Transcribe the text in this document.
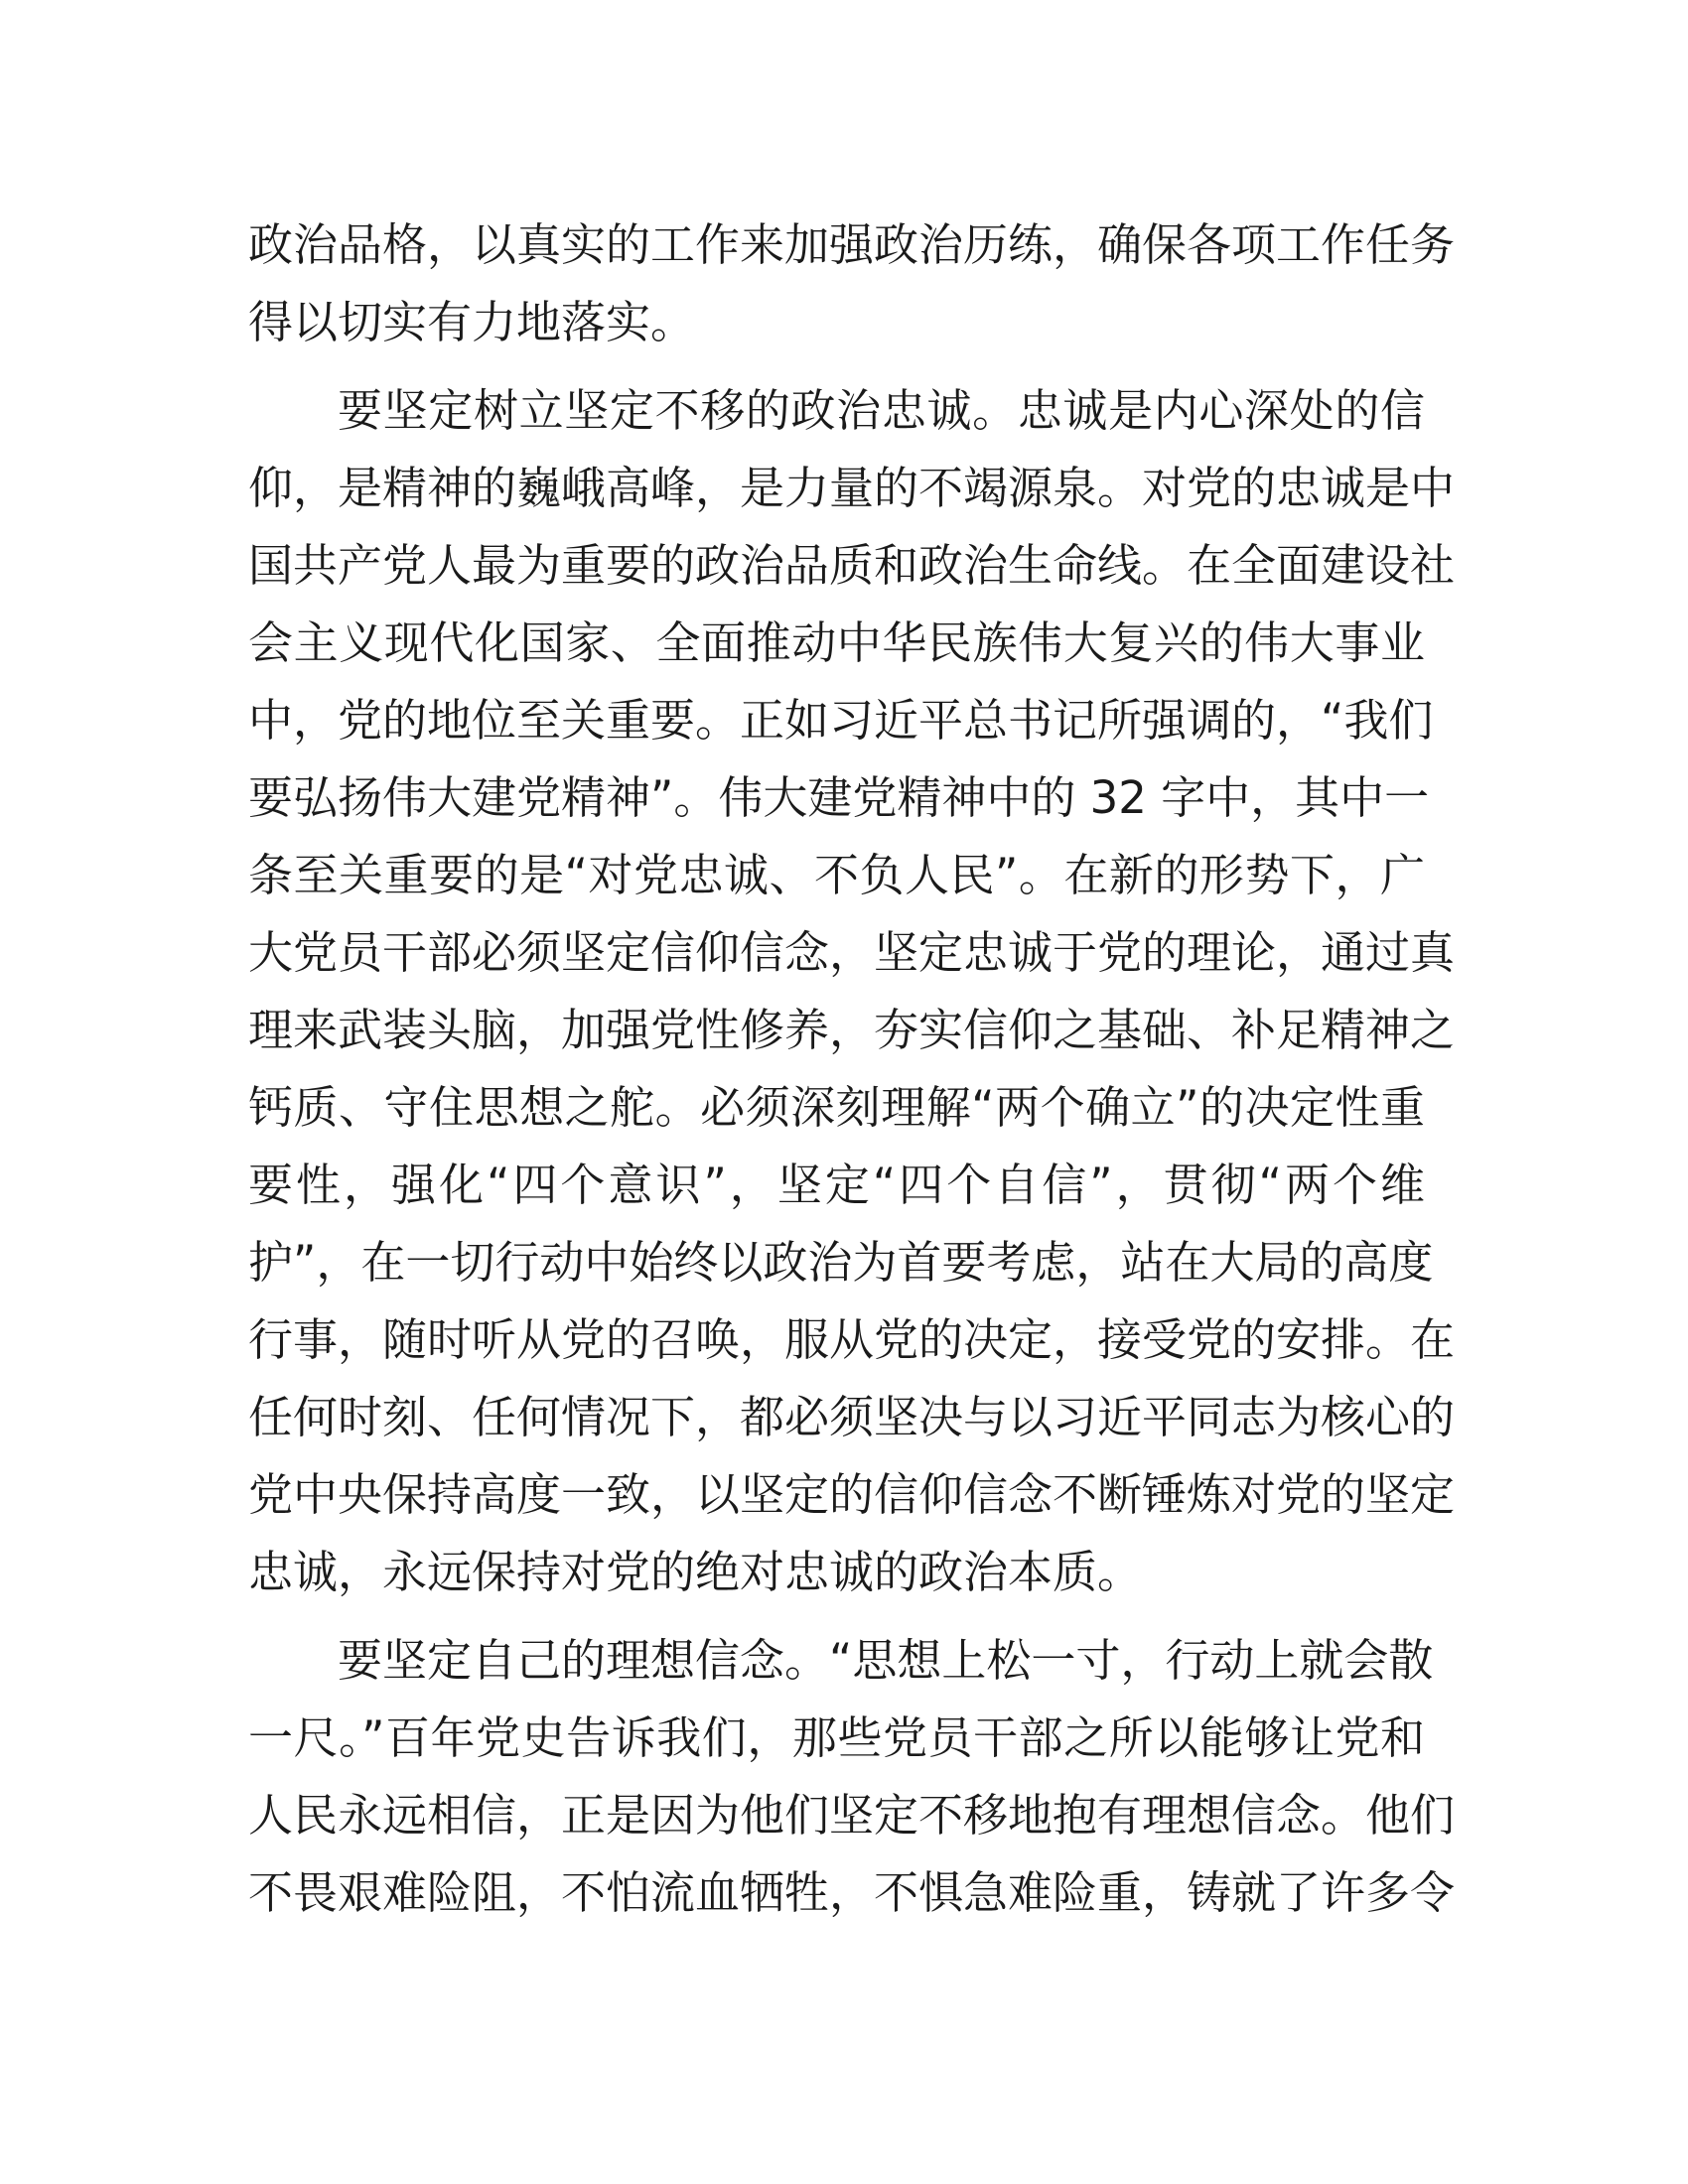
政治品格，以真实的工作来加强政治历练，确保各项工作任务
得以切实有力地落实。
要坚定树立坚定不移的政治忠诚。忠诚是内心深处的信
仰，是精神的巍峨高峰，是力量的不竭源泉。对党的忠诚是中
国共产党人最为重要的政治品质和政治生命线。在全面建设社
会主义现代化国家、全面推动中华民族伟大复兴的伟大事业
中，党的地位至关重要。正如习近平总书记所强调的，“我们
要弘扬伟大建党精神”。伟大建党精神中的 32 字中，其中一
条至关重要的是“对党忠诚、不负人民”。在新的形势下，广
大党员干部必须坚定信仰信念，坚定忠诚于党的理论，通过真
理来武装头脑，加强党性修养，夯实信仰之基础、补足精神之
钙质、守住思想之舵。必须深刻理解“两个确立”的决定性重
要性，强化“四个意识”，坚定“四个自信”，贯彻“两个维
护”，在一切行动中始终以政治为首要考虑，站在大局的高度
行事，随时听从党的召唤，服从党的决定，接受党的安排。在
任何时刻、任何情况下，都必须坚决与以习近平同志为核心的
党中央保持高度一致，以坚定的信仰信念不断锤炼对党的坚定
忠诚，永远保持对党的绝对忠诚的政治本质。
要坚定自己的理想信念。“思想上松一寸，行动上就会散
一尺。”百年党史告诉我们，那些党员干部之所以能够让党和
人民永远相信，正是因为他们坚定不移地抱有理想信念。他们
不畏艰难险阻，不怕流血牺牲，不惧急难险重，铸就了许多令
